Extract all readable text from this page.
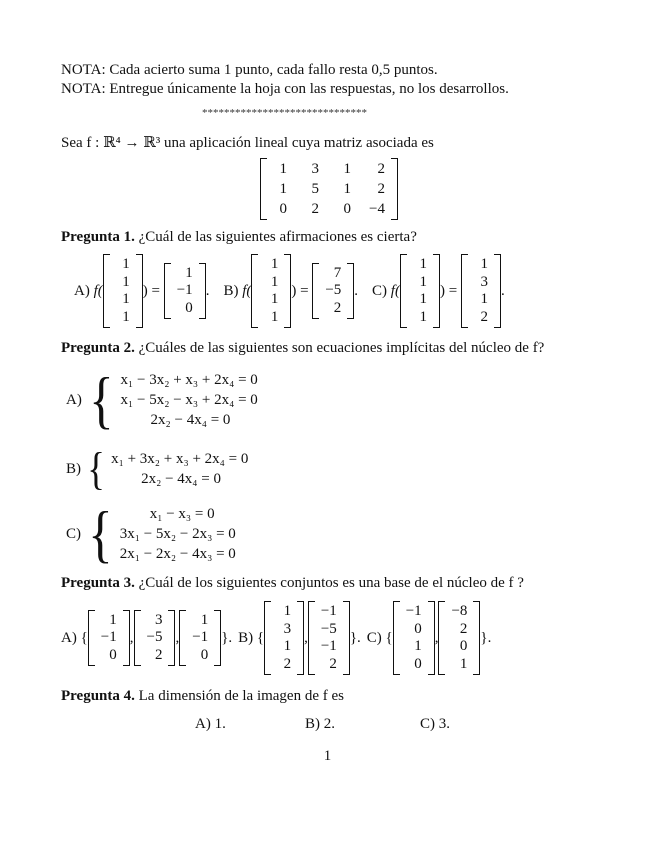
NOTA: Cada acierto suma 1 punto, cada fallo resta 0,5 puntos.
NOTA: Entregue únicamente la hoja con las respuestas, no los desarrollos.
******************************
Sea f : ℝ⁴ → ℝ³ una aplicación lineal cuya matriz asociada es
1	3	1	2
1	5	1	2
0	2	0 −4
Pregunta 1. ¿Cuál de las siguientes afirmaciones es cierta?
A) f(
1
1
1
1
) =
1
−1
0
. B) f(
1
1
1
1
) =
7
−5
2
. C) f(
1
1
1
1
) =
1
3
1
2
.
Pregunta 2. ¿Cuáles de las siguientes son ecuaciones implícitas del núcleo de f?
A) { x₁ − 3x₂ + x₃ + 2x₄ = 0
x₁ − 5x₂ − x₃ + 2x₄ = 0
2x₂ − 4x₄ = 0
B) { x₁ + 3x₂ + x₃ + 2x₄ = 0
2x₂ − 4x₄ = 0
C) { x₁ − x₃ = 0
3x₁ − 5x₂ − 2x₃ = 0
2x₁ − 2x₂ − 4x₃ = 0
Pregunta 3. ¿Cuál de los siguientes conjuntos es una base de el núcleo de f ?
A) {
1
−1
0
,
3
−5
2
,
1
−1
0
}. B) {
1
3
1
2
,
−1
−5
−1
2
}. C) {
−1
0
1
0
,
−8
2
0
1
}.
Pregunta 4. La dimensión de la imagen de f es
A) 1.	B) 2.	C) 3.
1
